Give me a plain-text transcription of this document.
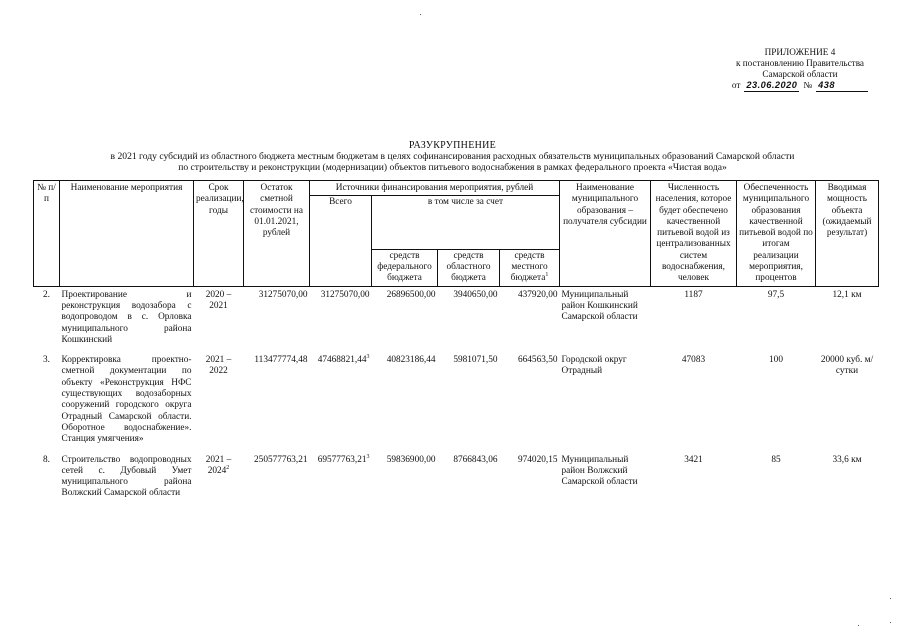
ПРИЛОЖЕНИЕ 4
к постановлению Правительства
Самарской области
от 23.06.2020 № 438
РАЗУКРУПНЕНИЕ
в 2021 году субсидий из областного бюджета местным бюджетам в целях софинансирования расходных обязательств муниципальных образований Самарской области
по строительству и реконструкции (модернизации) объектов питьевого водоснабжения в рамках федерального проекта «Чистая вода»
№ п/п	Наименование мероприятия	Срок реализации, годы	Остаток сметной стоимости на 01.01.2021, рублей	Источники финансирования мероприятия, рублей				Наименование муниципального образования – получателя субсидии	Численность населения, которое будет обеспечено качественной питьевой водой из централизованных систем водоснабжения, человек	Обеспеченность муниципального образования качественной питьевой водой по итогам реализации мероприятия, процентов	Вводимая мощность объекта (ожидаемый результат)
				Всего	в том числе за счет						
					средств федерального бюджета	средств областного бюджета	средств местного бюджета$^1$
2.	Проектирование и реконструкция водозабора с водопроводом в с. Орловка муниципального района Кошкинский	2020 – 2021	31275070,00	31275070,00	26896500,00	3940650,00	437920,00	Муниципальный район Кошкинский Самарской области	1187	97,5	12,1 км
3.	Корректировка проектно-сметной документации по объекту «Реконструкция НФС существующих водозаборных сооружений городского округа Отрадный Самарской области. Оборотное водоснабжение». Станция умягчения»	2021 – 2022	113477774,48	47468821,44$^3$	40823186,44	5981071,50	664563,50	Городской округ Отрадный	47083	100	20000 куб. м/сутки
8.	Строительство водопроводных сетей с. Дубовый Умет муниципального района Волжский Самарской области	2021 – 2024$^2$	250577763,21	69577763,21$^3$	59836900,00	8766843,06	974020,15	Муниципальный район Волжский Самарской области	3421	85	33,6 км
